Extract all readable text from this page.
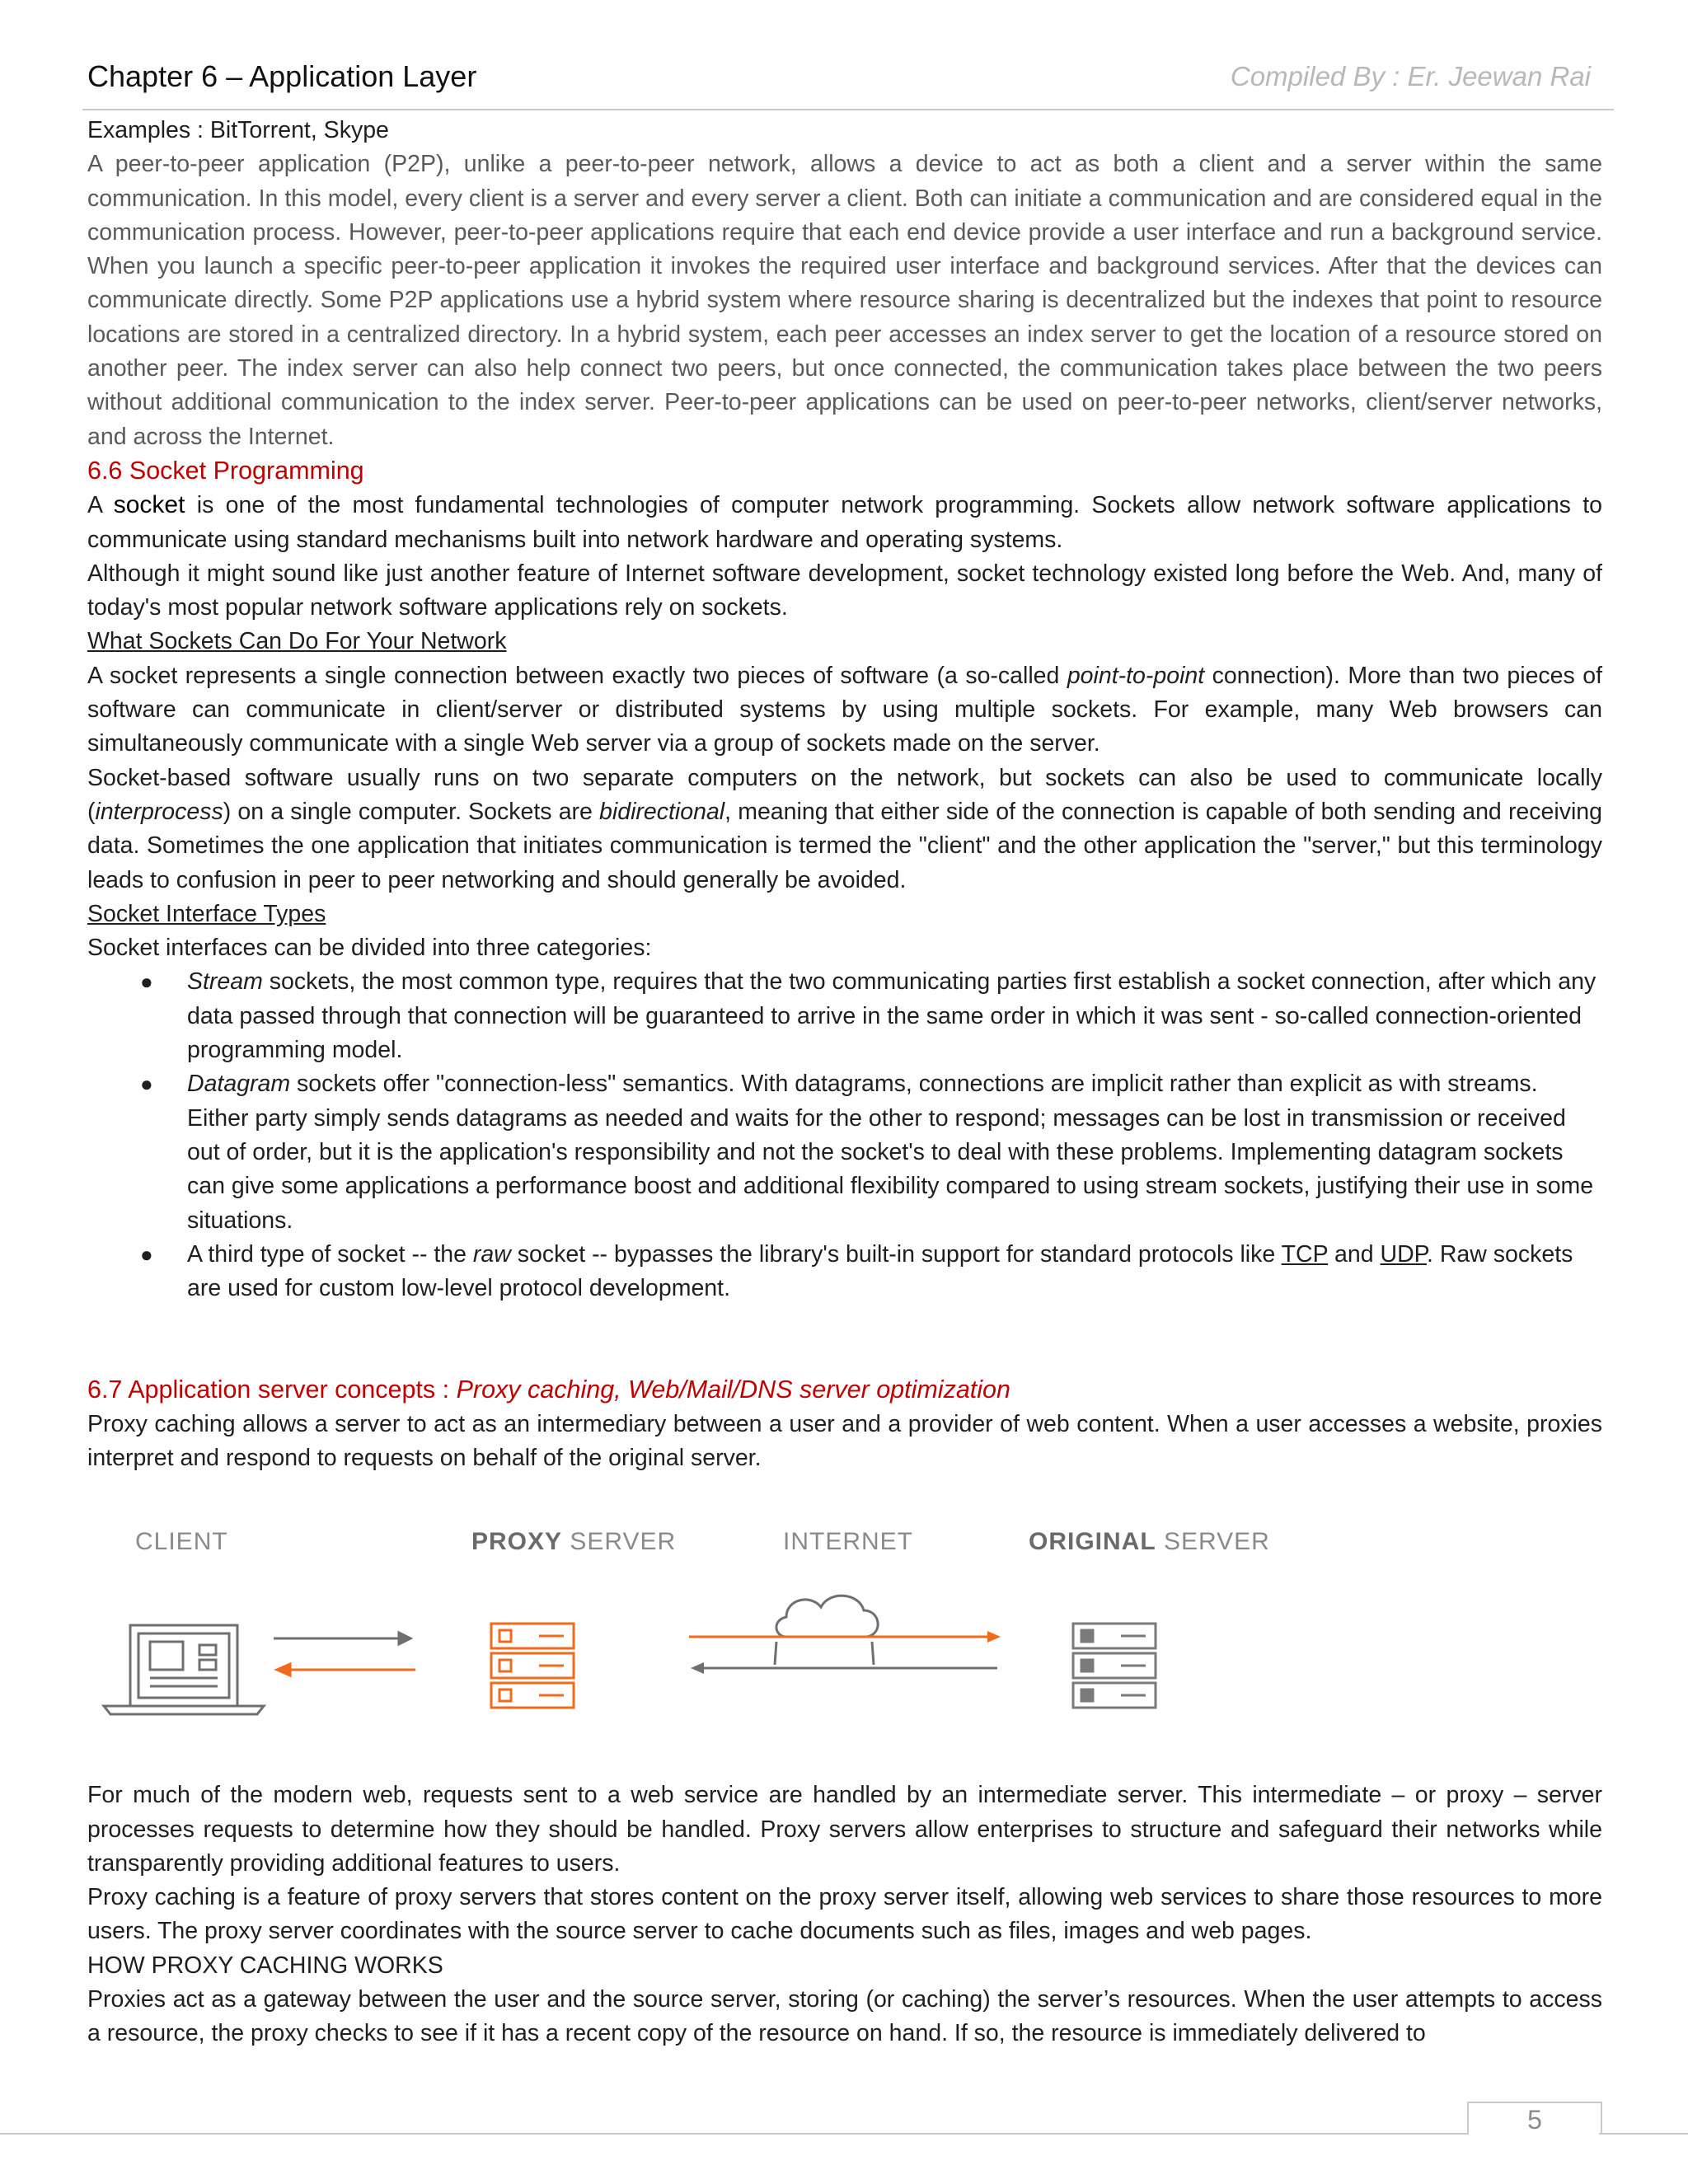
Chapter 6 – Application Layer	Compiled By : Er. Jeewan Rai

Examples : BitTorrent, Skype

A peer-to-peer application (P2P), unlike a peer-to-peer network, allows a device to act as both a client and a server within the same communication. In this model, every client is a server and every server a client. Both can initiate a communication and are considered equal in the communication process. However, peer-to-peer applications require that each end device provide a user interface and run a background service. When you launch a specific peer-to-peer application it invokes the required user interface and background services. After that the devices can communicate directly. Some P2P applications use a hybrid system where resource sharing is decentralized but the indexes that point to resource locations are stored in a centralized directory. In a hybrid system, each peer accesses an index server to get the location of a resource stored on another peer. The index server can also help connect two peers, but once connected, the communication takes place between the two peers without additional communication to the index server. Peer-to-peer applications can be used on peer-to-peer networks, client/server networks, and across the Internet.

6.6 Socket Programming

A socket is one of the most fundamental technologies of computer network programming. Sockets allow network software applications to communicate using standard mechanisms built into network hardware and operating systems.

Although it might sound like just another feature of Internet software development, socket technology existed long before the Web. And, many of today's most popular network software applications rely on sockets.

What Sockets Can Do For Your Network

A socket represents a single connection between exactly two pieces of software (a so-called point-to-point connection). More than two pieces of software can communicate in client/server or distributed systems by using multiple sockets. For example, many Web browsers can simultaneously communicate with a single Web server via a group of sockets made on the server.

Socket-based software usually runs on two separate computers on the network, but sockets can also be used to communicate locally (interprocess) on a single computer. Sockets are bidirectional, meaning that either side of the connection is capable of both sending and receiving data. Sometimes the one application that initiates communication is termed the "client" and the other application the "server," but this terminology leads to confusion in peer to peer networking and should generally be avoided.

Socket Interface Types

Socket interfaces can be divided into three categories:

● Stream sockets, the most common type, requires that the two communicating parties first establish a socket connection, after which any data passed through that connection will be guaranteed to arrive in the same order in which it was sent - so-called connection-oriented programming model.
● Datagram sockets offer "connection-less" semantics. With datagrams, connections are implicit rather than explicit as with streams. Either party simply sends datagrams as needed and waits for the other to respond; messages can be lost in transmission or received out of order, but it is the application's responsibility and not the socket's to deal with these problems. Implementing datagram sockets can give some applications a performance boost and additional flexibility compared to using stream sockets, justifying their use in some situations.
● A third type of socket -- the raw socket -- bypasses the library's built-in support for standard protocols like TCP and UDP. Raw sockets are used for custom low-level protocol development.

6.7 Application server concepts : Proxy caching, Web/Mail/DNS server optimization

Proxy caching allows a server to act as an intermediary between a user and a provider of web content. When a user accesses a website, proxies interpret and respond to requests on behalf of the original server.

CLIENT	PROXY SERVER	INTERNET	ORIGINAL SERVER

For much of the modern web, requests sent to a web service are handled by an intermediate server. This intermediate – or proxy – server processes requests to determine how they should be handled. Proxy servers allow enterprises to structure and safeguard their networks while transparently providing additional features to users.

Proxy caching is a feature of proxy servers that stores content on the proxy server itself, allowing web services to share those resources to more users. The proxy server coordinates with the source server to cache documents such as files, images and web pages.

HOW PROXY CACHING WORKS

Proxies act as a gateway between the user and the source server, storing (or caching) the server’s resources. When the user attempts to access a resource, the proxy checks to see if it has a recent copy of the resource on hand. If so, the resource is immediately delivered to

5
